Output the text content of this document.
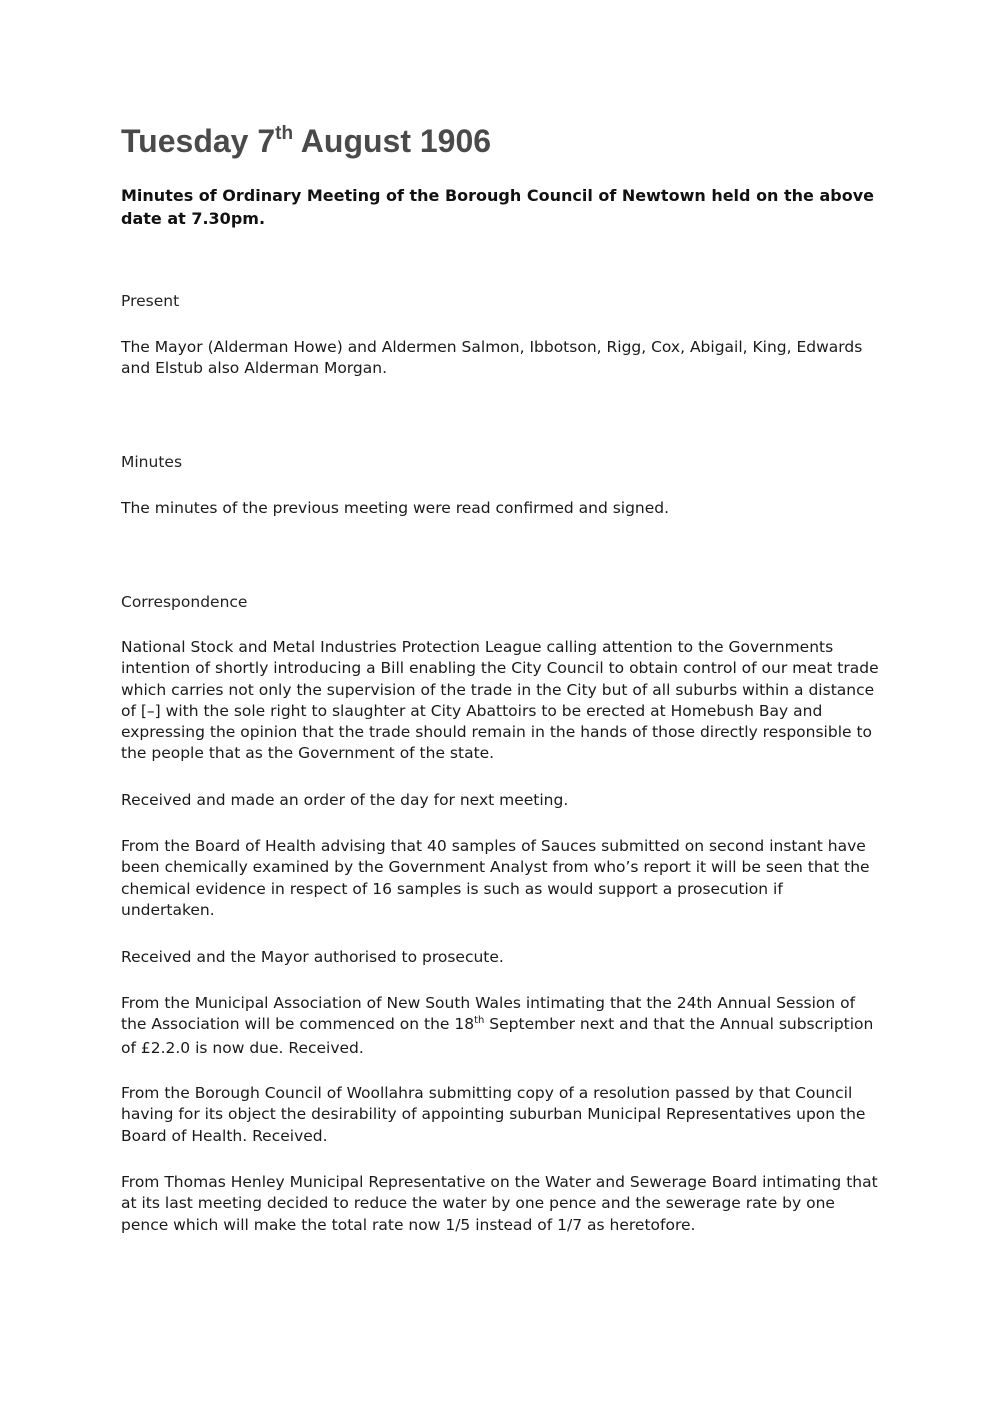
Tuesday 7th August 1906

Minutes of Ordinary Meeting of the Borough Council of Newtown held on the above date at 7.30pm.

Present

The Mayor (Alderman Howe) and Aldermen Salmon, Ibbotson, Rigg, Cox, Abigail, King, Edwards and Elstub also Alderman Morgan.

Minutes

The minutes of the previous meeting were read confirmed and signed.

Correspondence

National Stock and Metal Industries Protection League calling attention to the Governments intention of shortly introducing a Bill enabling the City Council to obtain control of our meat trade which carries not only the supervision of the trade in the City but of all suburbs within a distance of [–] with the sole right to slaughter at City Abattoirs to be erected at Homebush Bay and expressing the opinion that the trade should remain in the hands of those directly responsible to the people that as the Government of the state.

Received and made an order of the day for next meeting.

From the Board of Health advising that 40 samples of Sauces submitted on second instant have been chemically examined by the Government Analyst from who’s report it will be seen that the chemical evidence in respect of 16 samples is such as would support a prosecution if undertaken.

Received and the Mayor authorised to prosecute.

From the Municipal Association of New South Wales intimating that the 24th Annual Session of the Association will be commenced on the 18th September next and that the Annual subscription of £2.2.0 is now due. Received.

From the Borough Council of Woollahra submitting copy of a resolution passed by that Council having for its object the desirability of appointing suburban Municipal Representatives upon the Board of Health. Received.

From Thomas Henley Municipal Representative on the Water and Sewerage Board intimating that at its last meeting decided to reduce the water by one pence and the sewerage rate by one pence which will make the total rate now 1/5 instead of 1/7 as heretofore.
